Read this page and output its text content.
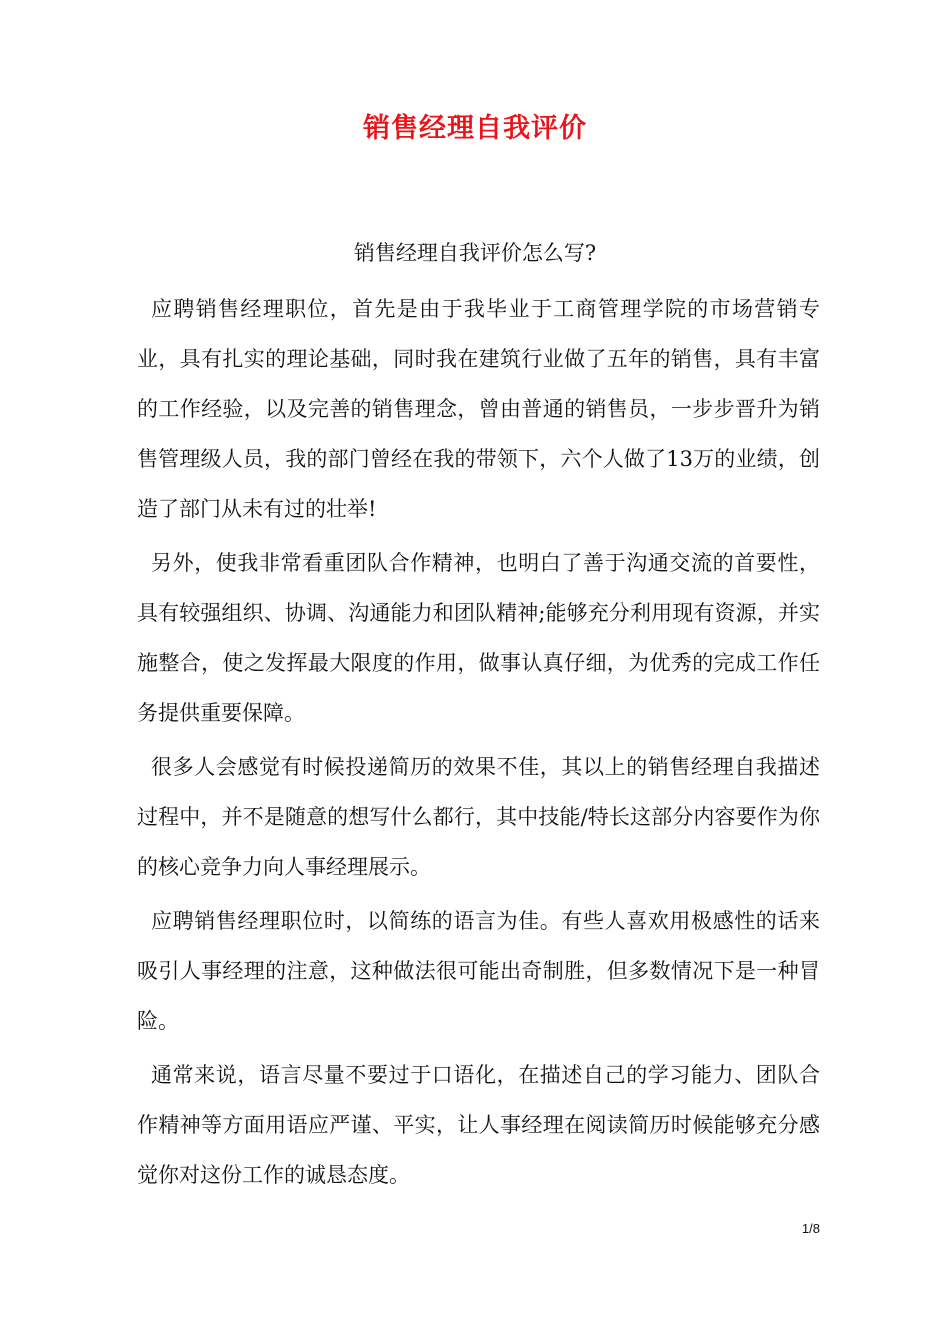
销售经理自我评价
销售经理自我评价怎么写?

应聘销售经理职位，首先是由于我毕业于工商管理学院的市场营销专业，具有扎实的理论基础，同时我在建筑行业做了五年的销售，具有丰富的工作经验，以及完善的销售理念，曾由普通的销售员，一步步晋升为销售管理级人员，我的部门曾经在我的带领下，六个人做了13万的业绩，创造了部门从未有过的壮举!

另外，使我非常看重团队合作精神，也明白了善于沟通交流的首要性，具有较强组织、协调、沟通能力和团队精神;能够充分利用现有资源，并实施整合，使之发挥最大限度的作用，做事认真仔细，为优秀的完成工作任务提供重要保障。

很多人会感觉有时候投递简历的效果不佳，其以上的销售经理自我描述过程中，并不是随意的想写什么都行，其中技能/特长这部分内容要作为你的核心竞争力向人事经理展示。

应聘销售经理职位时，以简练的语言为佳。有些人喜欢用极感性的话来吸引人事经理的注意，这种做法很可能出奇制胜，但多数情况下是一种冒险。

通常来说，语言尽量不要过于口语化，在描述自己的学习能力、团队合作精神等方面用语应严谨、平实，让人事经理在阅读简历时候能够充分感觉你对这份工作的诚恳态度。

1/8
